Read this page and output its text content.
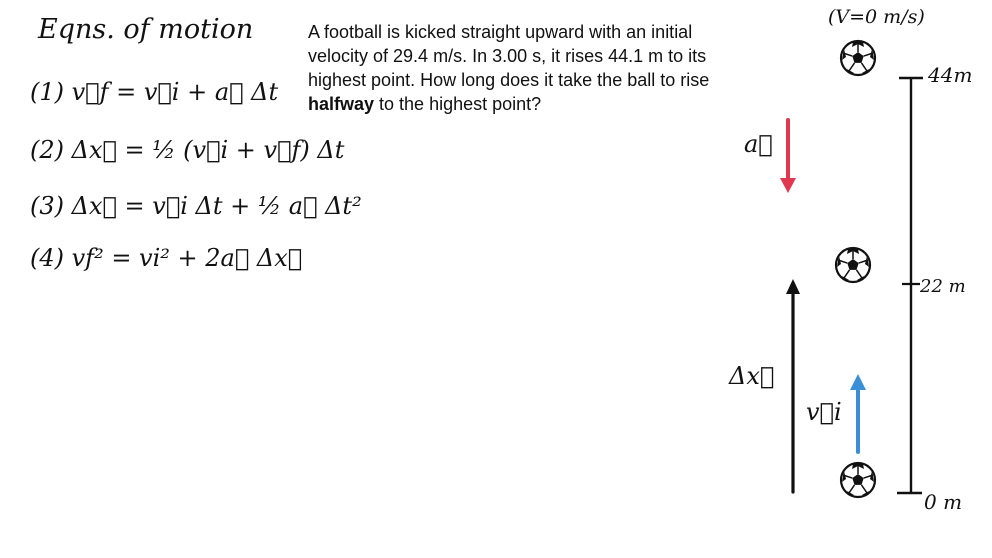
Eqns. of motion
(1) v⃗f = v⃗i + a⃗ Δt
(2) Δx⃗ = ½ (v⃗i + v⃗f) Δt
(3) Δx⃗ = v⃗i Δt + ½ a⃗ Δt²
(4) vf² = vi² + 2a⃗ Δx⃗
A football is kicked straight upward with an initial
velocity of 29.4 m/s. In 3.00 s, it rises 44.1 m to its
highest point. How long does it take the ball to rise
halfway to the highest point?
(V=0 m/s)
44m
22 m
0 m
a⃗
Δx⃗
v⃗i
